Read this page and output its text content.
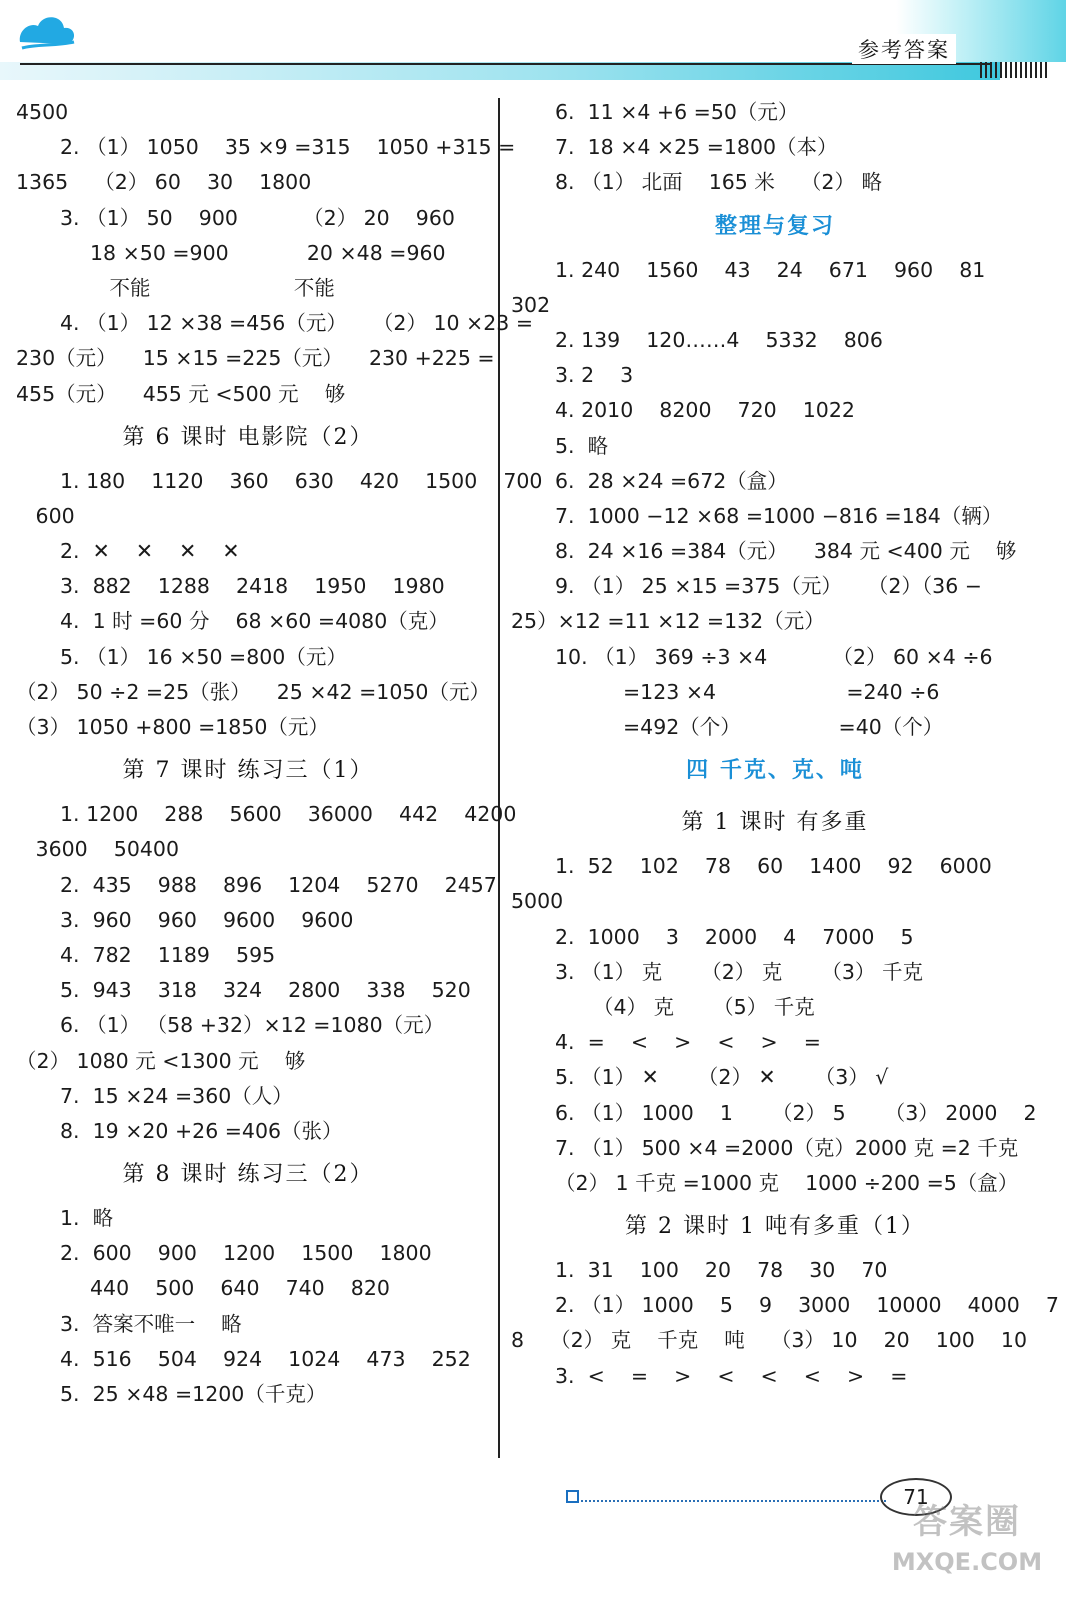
参考答案
4500
2. （1） 1050    35 ×9 =315    1050 +315 =
1365    （2） 60    30    1800
3. （1） 50    900          （2） 20    960
18 ×50 =900            20 ×48 =960
不能                      不能
4. （1） 12 ×38 =456（元）    （2） 10 ×23 =
230（元）    15 ×15 =225（元）    230 +225 =
455（元）    455 元 <500 元    够
第 6 课时 电影院（2）
1. 180    1120    360    630    420    1500    700
600
2.  ✕    ✕    ✕    ✕
3.  882    1288    2418    1950    1980
4.  1 时 =60 分    68 ×60 =4080（克）
5. （1） 16 ×50 =800（元）
（2） 50 ÷2 =25（张）    25 ×42 =1050（元）
（3） 1050 +800 =1850（元）
第 7 课时 练习三（1）
1. 1200    288    5600    36000    442    4200
3600    50400
2.  435    988    896    1204    5270    2457
3.  960    960    9600    9600
4.  782    1189    595
5.  943    318    324    2800    338    520
6. （1） （58 +32）×12 =1080（元）
（2） 1080 元 <1300 元    够
7.  15 ×24 =360（人）
8.  19 ×20 +26 =406（张）
第 8 课时 练习三（2）
1.  略
2.  600    900    1200    1500    1800
440    500    640    740    820
3.  答案不唯一    略
4.  516    504    924    1024    473    252
5.  25 ×48 =1200（千克）
6.  11 ×4 +6 =50（元）
7.  18 ×4 ×25 =1800（本）
8. （1） 北面    165 米    （2） 略
整理与复习
1. 240    1560    43    24    671    960    81
302
2. 139    120……4    5332    806
3. 2    3
4. 2010    8200    720    1022
5.  略
6.  28 ×24 =672（盒）
7.  1000 −12 ×68 =1000 −816 =184（辆）
8.  24 ×16 =384（元）    384 元 <400 元    够
9. （1） 25 ×15 =375（元）    （2）（36 −
25）×12 =11 ×12 =132（元）
10. （1） 369 ÷3 ×4          （2） 60 ×4 ÷6
=123 ×4                    =240 ÷6
=492（个）               =40（个）
四 千克、克、吨
第 1 课时 有多重
1.  52    102    78    60    1400    92    6000
5000
2.  1000    3    2000    4    7000    5
3. （1） 克      （2） 克      （3） 千克
（4） 克      （5） 千克
4.  =    <    >    <    >    =
5. （1） ✕      （2） ✕      （3） √
6. （1） 1000    1      （2） 5      （3） 2000    2
7. （1） 500 ×4 =2000（克）2000 克 =2 千克
（2） 1 千克 =1000 克    1000 ÷200 =5（盒）
第 2 课时 1 吨有多重（1）
1.  31    100    20    78    30    70
2. （1） 1000    5    9    3000    10000    4000    7
8    （2） 克    千克    吨    （3） 10    20    100    10
3.  <    =    >    <    <    <    >    =
71
答案圈
MXQE.COM
